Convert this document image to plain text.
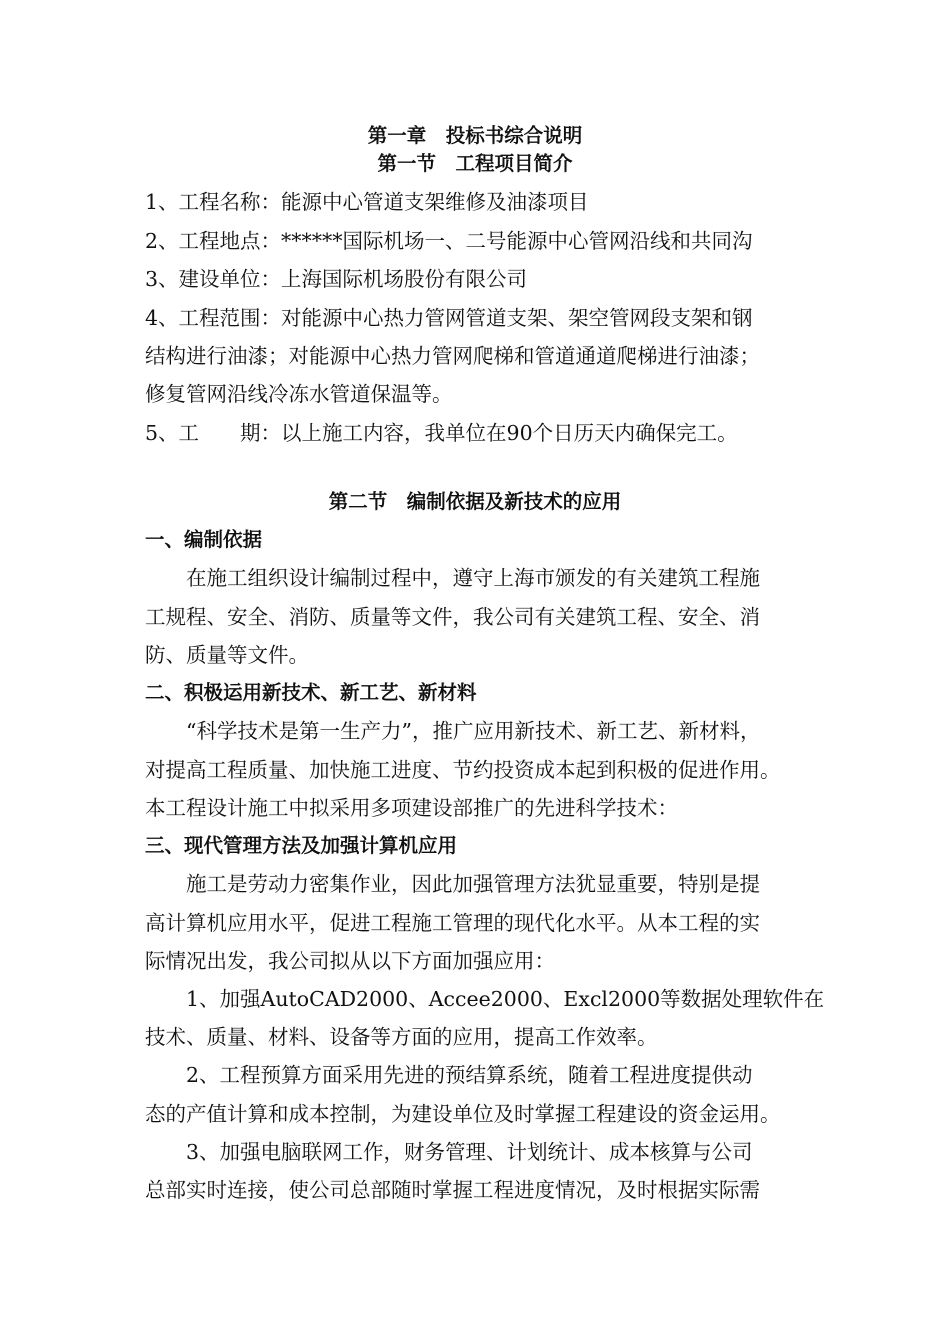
第一章　投标书综合说明
第一节　工程项目简介
1、工程名称：能源中心管道支架维修及油漆项目
2、工程地点：******国际机场一、二号能源中心管网沿线和共同沟
3、建设单位：上海国际机场股份有限公司
4、工程范围：对能源中心热力管网管道支架、架空管网段支架和钢
结构进行油漆；对能源中心热力管网爬梯和管道通道爬梯进行油漆；
修复管网沿线冷冻水管道保温等。
5、工　　期：以上施工内容，我单位在90个日历天内确保完工。
第二节　编制依据及新技术的应用
一、编制依据
在施工组织设计编制过程中，遵守上海市颁发的有关建筑工程施
工规程、安全、消防、质量等文件，我公司有关建筑工程、安全、消
防、质量等文件。
二、积极运用新技术、新工艺、新材料
“科学技术是第一生产力”，推广应用新技术、新工艺、新材料，
对提高工程质量、加快施工进度、节约投资成本起到积极的促进作用。
本工程设计施工中拟采用多项建设部推广的先进科学技术：
三、现代管理方法及加强计算机应用
施工是劳动力密集作业，因此加强管理方法犹显重要，特别是提
高计算机应用水平，促进工程施工管理的现代化水平。从本工程的实
际情况出发，我公司拟从以下方面加强应用：
1、加强AutoCAD2000、Accee2000、Excl2000等数据处理软件在
技术、质量、材料、设备等方面的应用，提高工作效率。
2、工程预算方面采用先进的预结算系统，随着工程进度提供动
态的产值计算和成本控制，为建设单位及时掌握工程建设的资金运用。
3、加强电脑联网工作，财务管理、计划统计、成本核算与公司
总部实时连接，使公司总部随时掌握工程进度情况，及时根据实际需
